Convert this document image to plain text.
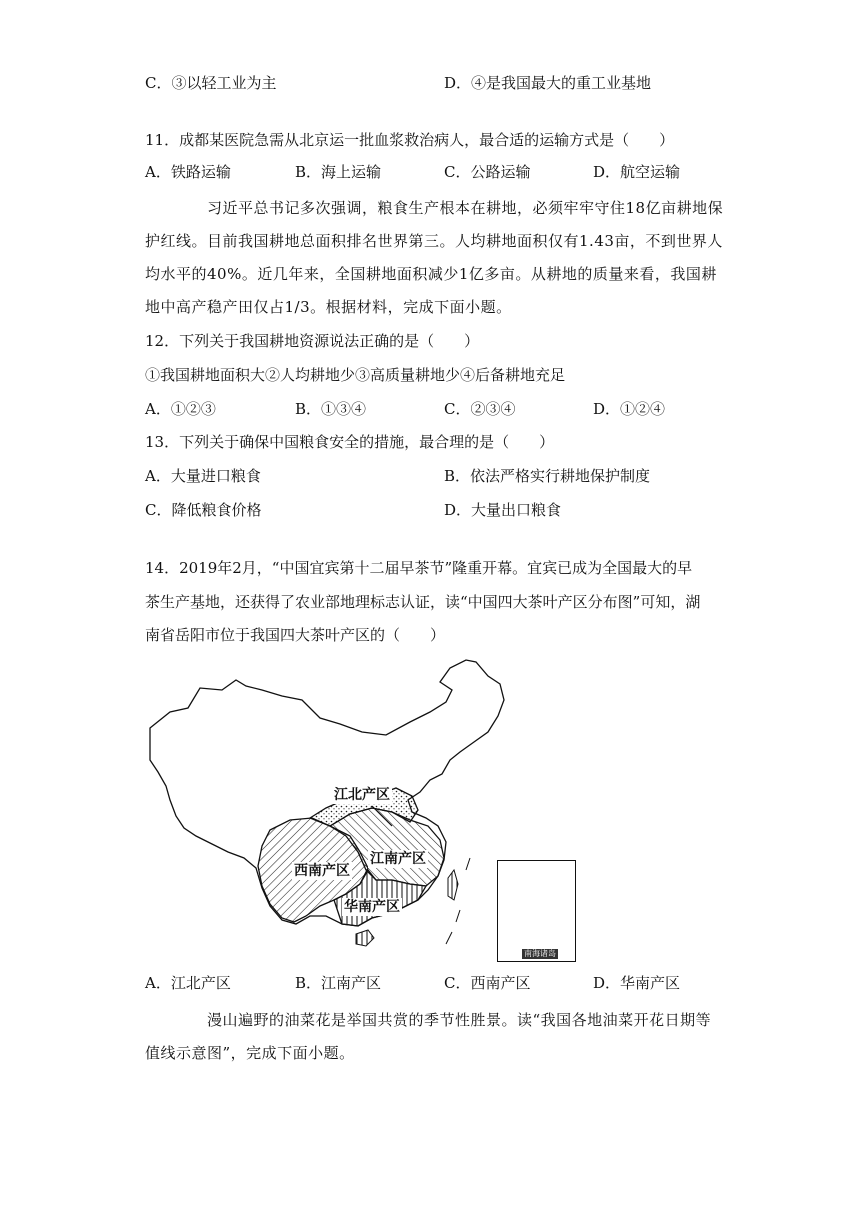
C．③以轻工业为主	D．④是我国最大的重工业基地
11．成都某医院急需从北京运一批血浆救治病人，最合适的运输方式是（　　）
A．铁路运输	B．海上运输	C．公路运输	D．航空运输

习近平总书记多次强调，粮食生产根本在耕地，必须牢牢守住18亿亩耕地保护红线。目前我国耕地总面积排名世界第三。人均耕地面积仅有1.43亩，不到世界人均水平的40%。近几年来，全国耕地面积减少1亿多亩。从耕地的质量来看，我国耕地中高产稳产田仅占1/3。根据材料，完成下面小题。

12．下列关于我国耕地资源说法正确的是（　　）
①我国耕地面积大②人均耕地少③高质量耕地少④后备耕地充足
A．①②③	B．①③④	C．②③④	D．①②④
13．下列关于确保中国粮食安全的措施，最合理的是（　　）
A．大量进口粮食	B．依法严格实行耕地保护制度
C．降低粮食价格	D．大量出口粮食
14．2019年2月，“中国宜宾第十二届早茶节”隆重开幕。宜宾已成为全国最大的早
茶生产基地，还获得了农业部地理标志认证，读“中国四大茶叶产区分布图”可知，湖
南省岳阳市位于我国四大茶叶产区的（　　）
南海诸岛
江北产区
江南产区
西南产区
华南产区
A．江北产区	B．江南产区	C．西南产区	D．华南产区

漫山遍野的油菜花是举国共赏的季节性胜景。读“我国各地油菜开花日期等值线示意图”，完成下面小题。
